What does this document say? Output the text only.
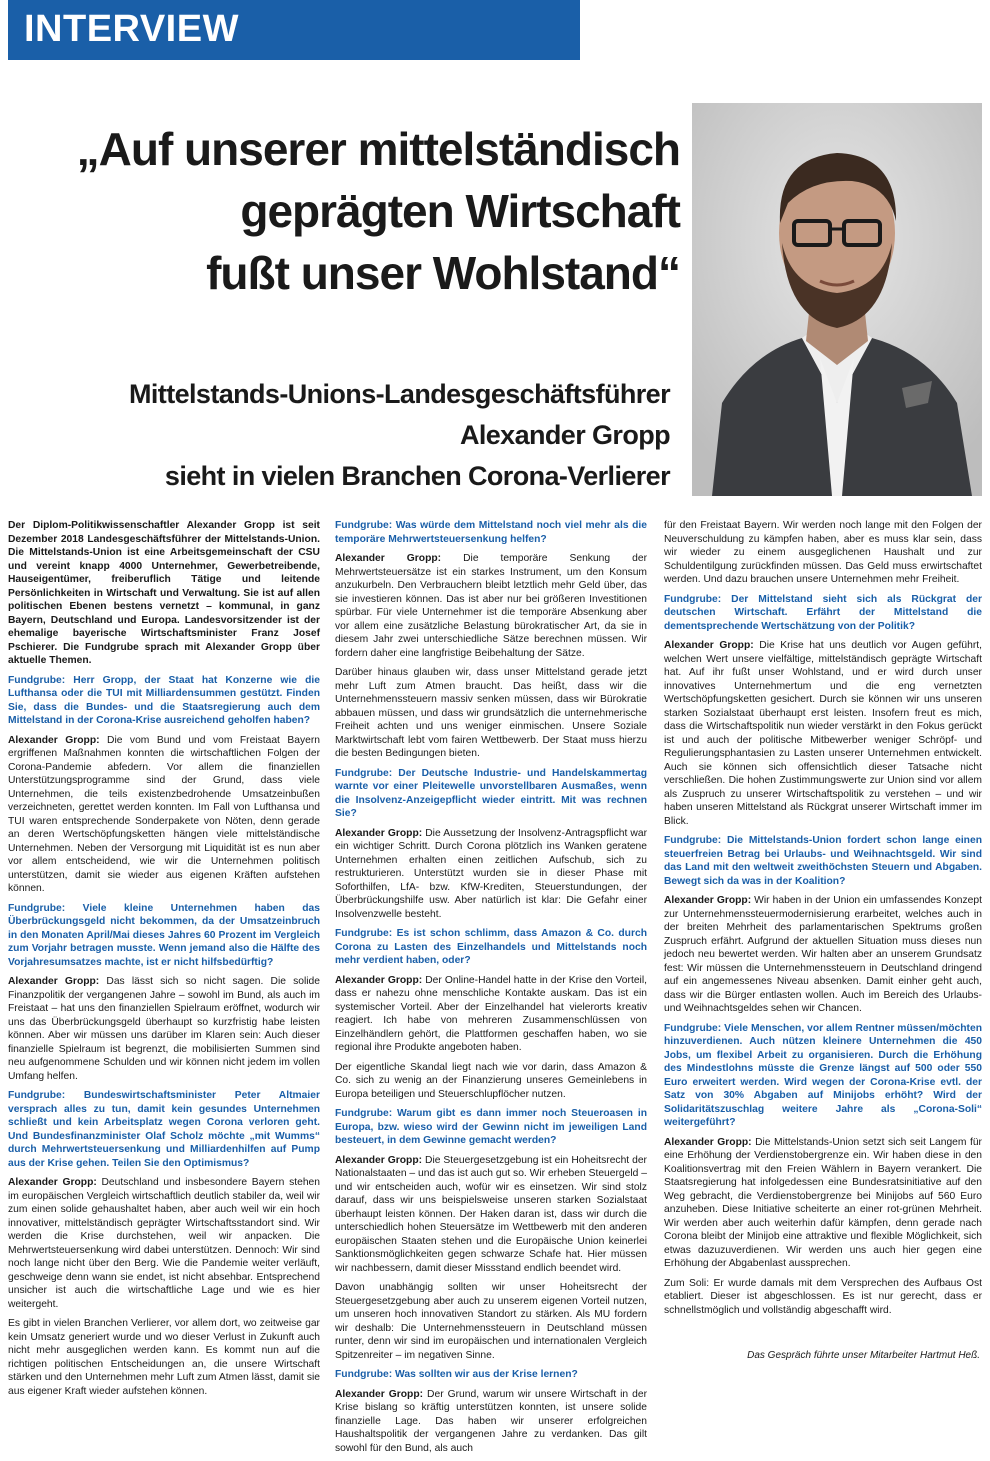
INTERVIEW
„Auf unserer mittelständisch
geprägten Wirtschaft
fußt unser Wohlstand“
Mittelstands-Unions-Landesgeschäftsführer
Alexander Gropp
sieht in vielen Branchen Corona-Verlierer

Der Diplom-Politikwissenschaftler Alexander Gropp ist seit Dezember 2018 Landesgeschäftsführer der Mittelstands-Union. Die Mittelstands-Union ist eine Arbeitsgemeinschaft der CSU und vereint knapp 4000 Unternehmer, Gewerbetreibende, Hauseigentümer, freiberuflich Tätige und leitende Persönlichkeiten in Wirtschaft und Verwaltung. Sie ist auf allen politischen Ebenen bestens vernetzt – kommunal, in ganz Bayern, Deutschland und Europa. Landesvorsitzender ist der ehemalige bayerische Wirtschaftsminister Franz Josef Pschierer. Die Fundgrube sprach mit Alexander Gropp über aktuelle Themen.

Fundgrube: Herr Gropp, der Staat hat Konzerne wie die Lufthansa oder die TUI mit Milliardensummen gestützt. Finden Sie, dass die Bundes- und die Staatsregierung auch dem Mittelstand in der Corona-Krise ausreichend geholfen haben?

Alexander Gropp: Die vom Bund und vom Freistaat Bayern ergriffenen Maßnahmen konnten die wirtschaftlichen Folgen der Corona-Pandemie abfedern. Vor allem die finanziellen Unterstützungsprogramme sind der Grund, dass viele Unternehmen, die teils existenzbedrohende Umsatzeinbußen verzeichneten, gerettet werden konnten. Im Fall von Lufthansa und TUI waren entsprechende Sonderpakete von Nöten, denn gerade an deren Wertschöpfungsketten hängen viele mittelständische Unternehmen. Neben der Versorgung mit Liquidität ist es nun aber vor allem entscheidend, wie wir die Unternehmen politisch unterstützen, damit sie wieder aus eigenen Kräften aufstehen können.

Fundgrube: Viele kleine Unternehmen haben das Überbrückungsgeld nicht bekommen, da der Umsatzeinbruch in den Monaten April/Mai dieses Jahres 60 Prozent im Vergleich zum Vorjahr betragen musste. Wenn jemand also die Hälfte des Vorjahresumsatzes machte, ist er nicht hilfsbedürftig?

Alexander Gropp: Das lässt sich so nicht sagen. Die solide Finanzpolitik der vergangenen Jahre – sowohl im Bund, als auch im Freistaat – hat uns den finanziellen Spielraum eröffnet, wodurch wir uns das Überbrückungsgeld überhaupt so kurzfristig habe leisten können. Aber wir müssen uns darüber im Klaren sein: Auch dieser finanzielle Spielraum ist begrenzt, die mobilisierten Summen sind neu aufgenommene Schulden und wir können nicht jedem im vollen Umfang helfen.

Fundgrube: Bundeswirtschaftsminister Peter Altmaier versprach alles zu tun, damit kein gesundes Unternehmen schließt und kein Arbeitsplatz wegen Corona verloren geht. Und Bundesfinanzminister Olaf Scholz möchte „mit Wumms“ durch Mehrwertsteuersenkung und Milliardenhilfen auf Pump aus der Krise gehen. Teilen Sie den Optimismus?

Alexander Gropp: Deutschland und insbesondere Bayern stehen im europäischen Vergleich wirtschaftlich deutlich stabiler da, weil wir zum einen solide gehaushaltet haben, aber auch weil wir ein hoch innovativer, mittelständisch geprägter Wirtschaftsstandort sind. Wir werden die Krise durchstehen, weil wir anpacken. Die Mehrwertsteuersenkung wird dabei unterstützen. Dennoch: Wir sind noch lange nicht über den Berg. Wie die Pandemie weiter verläuft, geschweige denn wann sie endet, ist nicht absehbar. Entsprechend unsicher ist auch die wirtschaftliche Lage und wie es hier weitergeht.

Es gibt in vielen Branchen Verlierer, vor allem dort, wo zeitweise gar kein Umsatz generiert wurde und wo dieser Verlust in Zukunft auch nicht mehr ausgeglichen werden kann. Es kommt nun auf die richtigen politischen Entscheidungen an, die unsere Wirtschaft stärken und den Unternehmen mehr Luft zum Atmen lässt, damit sie aus eigener Kraft wieder aufstehen können.

Fundgrube: Was würde dem Mittelstand noch viel mehr als die temporäre Mehrwertsteuersenkung helfen?

Alexander Gropp: Die temporäre Senkung der Mehrwertsteuersätze ist ein starkes Instrument, um den Konsum anzukurbeln. Den Verbrauchern bleibt letztlich mehr Geld über, das sie investieren können. Das ist aber nur bei größeren Investitionen spürbar. Für viele Unternehmer ist die temporäre Absenkung aber vor allem eine zusätzliche Belastung bürokratischer Art, da sie in diesem Jahr zwei unterschiedliche Sätze berechnen müssen. Wir fordern daher eine langfristige Beibehaltung der Sätze.

Darüber hinaus glauben wir, dass unser Mittelstand gerade jetzt mehr Luft zum Atmen braucht. Das heißt, dass wir die Unternehmenssteuern massiv senken müssen, dass wir Bürokratie abbauen müssen, und dass wir grundsätzlich die unternehmerische Freiheit achten und uns weniger einmischen. Unsere Soziale Marktwirtschaft lebt vom fairen Wettbewerb. Der Staat muss hierzu die besten Bedingungen bieten.

Fundgrube: Der Deutsche Industrie- und Handelskammertag warnte vor einer Pleitewelle unvorstellbaren Ausmaßes, wenn die Insolvenz-Anzeigepflicht wieder eintritt. Mit was rechnen Sie?

Alexander Gropp: Die Aussetzung der Insolvenz-Antragspflicht war ein wichtiger Schritt. Durch Corona plötzlich ins Wanken geratene Unternehmen erhalten einen zeitlichen Aufschub, sich zu restrukturieren. Unterstützt wurden sie in dieser Phase mit Soforthilfen, LfA- bzw. KfW-Krediten, Steuerstundungen, der Überbrückungshilfe usw. Aber natürlich ist klar: Die Gefahr einer Insolvenzwelle besteht.

Fundgrube: Es ist schon schlimm, dass Amazon & Co. durch Corona zu Lasten des Einzelhandels und Mittelstands noch mehr verdient haben, oder?

Alexander Gropp: Der Online-Handel hatte in der Krise den Vorteil, dass er nahezu ohne menschliche Kontakte auskam. Das ist ein systemischer Vorteil. Aber der Einzelhandel hat vielerorts kreativ reagiert. Ich habe von mehreren Zusammenschlüssen von Einzelhändlern gehört, die Plattformen geschaffen haben, wo sie regional ihre Produkte angeboten haben.

Der eigentliche Skandal liegt nach wie vor darin, dass Amazon & Co. sich zu wenig an der Finanzierung unseres Gemeinlebens in Europa beteiligen und Steuerschlupflöcher nutzen.

Fundgrube: Warum gibt es dann immer noch Steueroasen in Europa, bzw. wieso wird der Gewinn nicht im jeweiligen Land besteuert, in dem Gewinne gemacht werden?

Alexander Gropp: Die Steuergesetzgebung ist ein Hoheitsrecht der Nationalstaaten – und das ist auch gut so. Wir erheben Steuergeld – und wir entscheiden auch, wofür wir es einsetzen. Wir sind stolz darauf, dass wir uns beispielsweise unseren starken Sozialstaat überhaupt leisten können. Der Haken daran ist, dass wir durch die unterschiedlich hohen Steuersätze im Wettbewerb mit den anderen europäischen Staaten stehen und die Europäische Union keinerlei Sanktionsmöglichkeiten gegen schwarze Schafe hat. Hier müssen wir nachbessern, damit dieser Missstand endlich beendet wird.

Davon unabhängig sollten wir unser Hoheitsrecht der Steuergesetzgebung aber auch zu unserem eigenen Vorteil nutzen, um unseren hoch innovativen Standort zu stärken. Als MU fordern wir deshalb: Die Unternehmenssteuern in Deutschland müssen runter, denn wir sind im europäischen und internationalen Vergleich Spitzenreiter – im negativen Sinne.

Fundgrube: Was sollten wir aus der Krise lernen?

Alexander Gropp: Der Grund, warum wir unsere Wirtschaft in der Krise bislang so kräftig unterstützen konnten, ist unsere solide finanzielle Lage. Das haben wir unserer erfolgreichen Haushaltspolitik der vergangenen Jahre zu verdanken. Das gilt sowohl für den Bund, als auch

für den Freistaat Bayern. Wir werden noch lange mit den Folgen der Neuverschuldung zu kämpfen haben, aber es muss klar sein, dass wir wieder zu einem ausgeglichenen Haushalt und zur Schuldentilgung zurückfinden müssen. Das Geld muss erwirtschaftet werden. Und dazu brauchen unsere Unternehmen mehr Freiheit.

Fundgrube: Der Mittelstand sieht sich als Rückgrat der deutschen Wirtschaft. Erfährt der Mittelstand die dementsprechende Wertschätzung von der Politik?

Alexander Gropp: Die Krise hat uns deutlich vor Augen geführt, welchen Wert unsere vielfältige, mittelständisch geprägte Wirtschaft hat. Auf ihr fußt unser Wohlstand, und er wird durch unser innovatives Unternehmertum und die eng vernetzten Wertschöpfungsketten gesichert. Durch sie können wir uns unseren starken Sozialstaat überhaupt erst leisten. Insofern freut es mich, dass die Wirtschaftspolitik nun wieder verstärkt in den Fokus gerückt ist und auch der politische Mitbewerber weniger Schröpf- und Regulierungsphantasien zu Lasten unserer Unternehmen entwickelt. Auch sie können sich offensichtlich dieser Tatsache nicht verschließen. Die hohen Zustimmungswerte zur Union sind vor allem als Zuspruch zu unserer Wirtschaftspolitik zu verstehen – und wir haben unseren Mittelstand als Rückgrat unserer Wirtschaft immer im Blick.

Fundgrube: Die Mittelstands-Union fordert schon lange einen steuerfreien Betrag bei Urlaubs- und Weihnachtsgeld. Wir sind das Land mit den weltweit zweithöchsten Steuern und Abgaben. Bewegt sich da was in der Koalition?

Alexander Gropp: Wir haben in der Union ein umfassendes Konzept zur Unternehmenssteuermodernisierung erarbeitet, welches auch in der breiten Mehrheit des parlamentarischen Spektrums großen Zuspruch erfährt. Aufgrund der aktuellen Situation muss dieses nun jedoch neu bewertet werden. Wir halten aber an unserem Grundsatz fest: Wir müssen die Unternehmenssteuern in Deutschland dringend auf ein angemessenes Niveau absenken. Damit einher geht auch, dass wir die Bürger entlasten wollen. Auch im Bereich des Urlaubs- und Weihnachtsgeldes sehen wir Chancen.

Fundgrube: Viele Menschen, vor allem Rentner müssen/möchten hinzuverdienen. Auch nützen kleinere Unternehmen die 450 Jobs, um flexibel Arbeit zu organisieren. Durch die Erhöhung des Mindestlohns müsste die Grenze längst auf 500 oder 550 Euro erweitert werden. Wird wegen der Corona-Krise evtl. der Satz von 30% Abgaben auf Minijobs erhöht? Wird der Solidaritätszuschlag weitere Jahre als „Corona-Soli“ weitergeführt?

Alexander Gropp: Die Mittelstands-Union setzt sich seit Langem für eine Erhöhung der Verdienstobergrenze ein. Wir haben diese in den Koalitionsvertrag mit den Freien Wählern in Bayern verankert. Die Staatsregierung hat infolgedessen eine Bundesratsinitiative auf den Weg gebracht, die Verdienstobergrenze bei Minijobs auf 560 Euro anzuheben. Diese Initiative scheiterte an einer rot-grünen Mehrheit. Wir werden aber auch weiterhin dafür kämpfen, denn gerade nach Corona bleibt der Minijob eine attraktive und flexible Möglichkeit, sich etwas dazuzuverdienen. Wir werden uns auch hier gegen eine Erhöhung der Abgabenlast aussprechen.

Zum Soli: Er wurde damals mit dem Versprechen des Aufbaus Ost etabliert. Dieser ist abgeschlossen. Es ist nur gerecht, dass er schnellstmöglich und vollständig abgeschafft wird.

Das Gespräch führte unser Mitarbeiter Hartmut Heß.
